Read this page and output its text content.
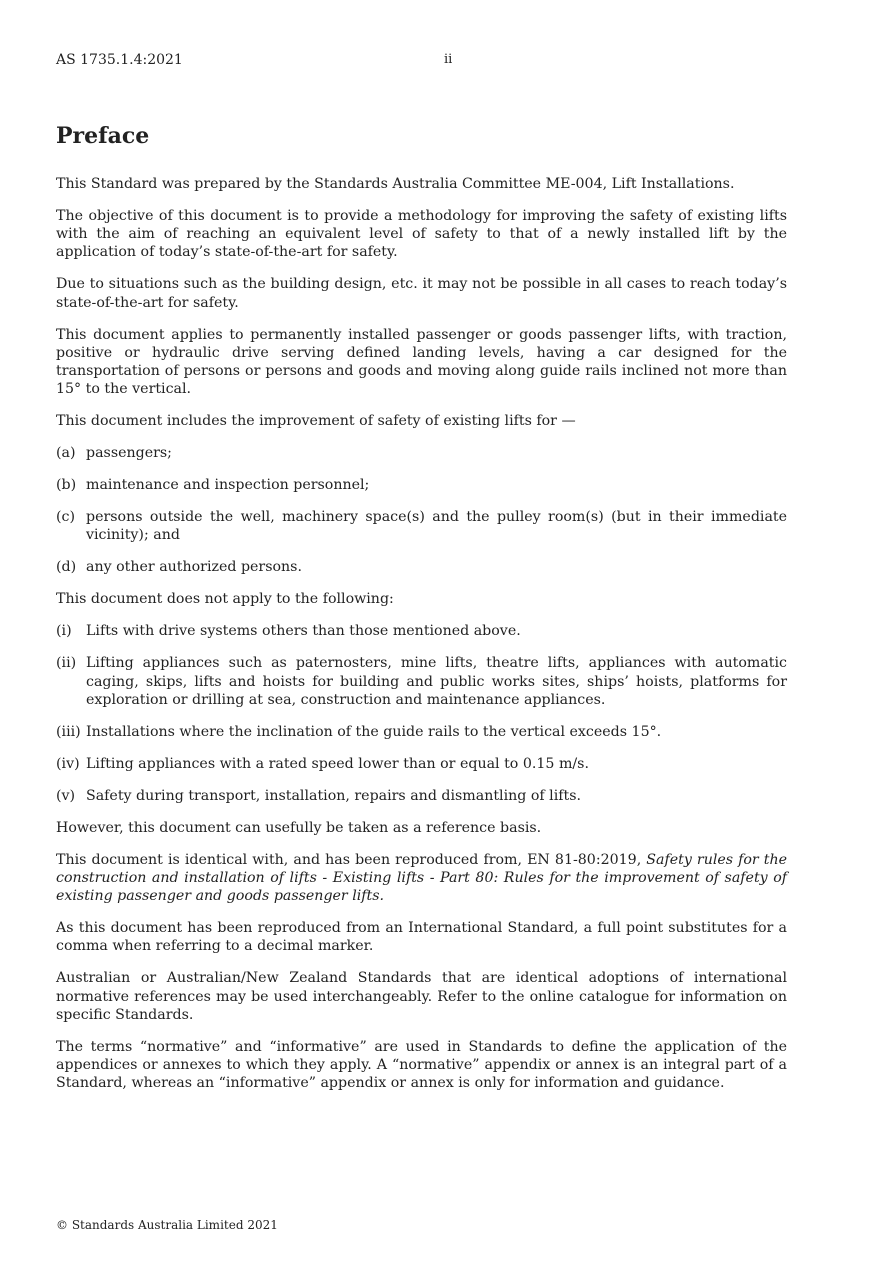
AS 1735.1.4:2021	ii
Preface

This Standard was prepared by the Standards Australia Committee ME-004, Lift Installations.

The objective of this document is to provide a methodology for improving the safety of existing lifts with the aim of reaching an equivalent level of safety to that of a newly installed lift by the application of today’s state-of-the-art for safety.

Due to situations such as the building design, etc. it may not be possible in all cases to reach today’s state-of-the-art for safety.

This document applies to permanently installed passenger or goods passenger lifts, with traction, positive or hydraulic drive serving defined landing levels, having a car designed for the transportation of persons or persons and goods and moving along guide rails inclined not more than 15° to the vertical.

This document includes the improvement of safety of existing lifts for —

(a) passengers;
(b) maintenance and inspection personnel;
(c) persons outside the well, machinery space(s) and the pulley room(s) (but in their immediate vicinity); and
(d) any other authorized persons.

This document does not apply to the following:

(i) Lifts with drive systems others than those mentioned above.
(ii) Lifting appliances such as paternosters, mine lifts, theatre lifts, appliances with automatic caging, skips, lifts and hoists for building and public works sites, ships’ hoists, platforms for exploration or drilling at sea, construction and maintenance appliances.
(iii) Installations where the inclination of the guide rails to the vertical exceeds 15°.
(iv) Lifting appliances with a rated speed lower than or equal to 0.15 m/s.
(v) Safety during transport, installation, repairs and dismantling of lifts.

However, this document can usefully be taken as a reference basis.

This document is identical with, and has been reproduced from, EN 81-80:2019, Safety rules for the construction and installation of lifts - Existing lifts - Part 80: Rules for the improvement of safety of existing passenger and goods passenger lifts.

As this document has been reproduced from an International Standard, a full point substitutes for a comma when referring to a decimal marker.

Australian or Australian/New Zealand Standards that are identical adoptions of international normative references may be used interchangeably. Refer to the online catalogue for information on specific Standards.

The terms “normative” and “informative” are used in Standards to define the application of the appendices or annexes to which they apply. A “normative” appendix or annex is an integral part of a Standard, whereas an “informative” appendix or annex is only for information and guidance.

© Standards Australia Limited 2021
